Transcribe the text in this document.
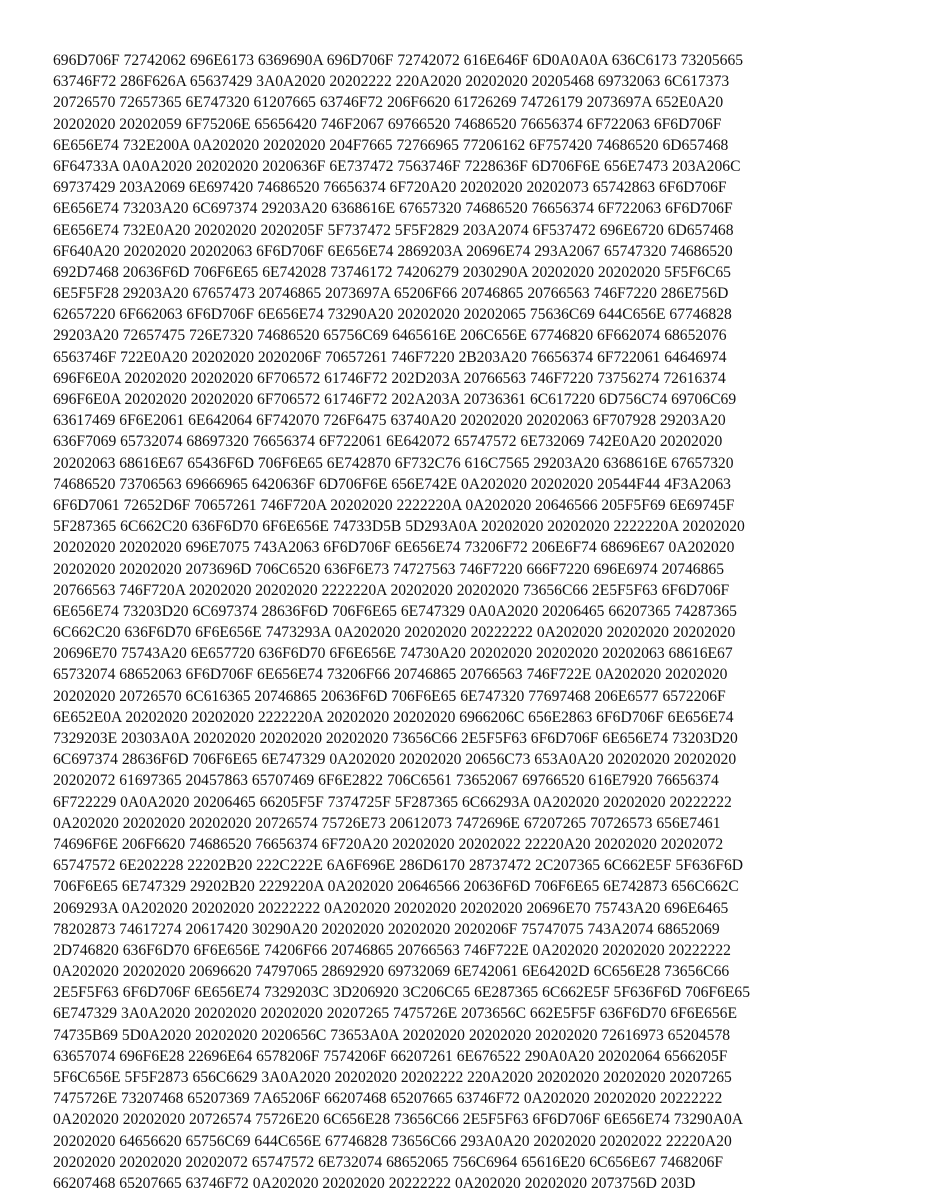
696D706F 72742062 696E6173 6369690A 696D706F 72742072 616E646F 6D0A0A0A 636C6173 73205665
63746F72 286F626A 65637429 3A0A2020 20202222 220A2020 20202020 20205468 69732063 6C617373
20726570 72657365 6E747320 61207665 63746F72 206F6620 61726269 74726179 2073697A 652E0A20
20202020 20202059 6F75206E 65656420 746F2067 69766520 74686520 76656374 6F722063 6F6D706F
6E656E74 732E200A 0A202020 20202020 204F7665 72766965 77206162 6F757420 74686520 6D657468
6F64733A 0A0A2020 20202020 2020636F 6E737472 7563746F 7228636F 6D706F6E 656E7473 203A206C
69737429 203A2069 6E697420 74686520 76656374 6F720A20 20202020 20202073 65742863 6F6D706F
6E656E74 73203A20 6C697374 29203A20 6368616E 67657320 74686520 76656374 6F722063 6F6D706F
6E656E74 732E0A20 20202020 2020205F 5F737472 5F5F2829 203A2074 6F537472 696E6720 6D657468
6F640A20 20202020 20202063 6F6D706F 6E656E74 2869203A 20696E74 293A2067 65747320 74686520
692D7468 20636F6D 706F6E65 6E742028 73746172 74206279 2030290A 20202020 20202020 5F5F6C65
6E5F5F28 29203A20 67657473 20746865 2073697A 65206F66 20746865 20766563 746F7220 286E756D
62657220 6F662063 6F6D706F 6E656E74 73290A20 20202020 20202065 75636C69 644C656E 67746828
29203A20 72657475 726E7320 74686520 65756C69 6465616E 206C656E 67746820 6F662074 68652076
6563746F 722E0A20 20202020 2020206F 70657261 746F7220 2B203A20 76656374 6F722061 64646974
696F6E0A 20202020 20202020 6F706572 61746F72 202D203A 20766563 746F7220 73756274 72616374
696F6E0A 20202020 20202020 6F706572 61746F72 202A203A 20736361 6C617220 6D756C74 69706C69
63617469 6F6E2061 6E642064 6F742070 726F6475 63740A20 20202020 20202063 6F707928 29203A20
636F7069 65732074 68697320 76656374 6F722061 6E642072 65747572 6E732069 742E0A20 20202020
20202063 68616E67 65436F6D 706F6E65 6E742870 6F732C76 616C7565 29203A20 6368616E 67657320
74686520 73706563 69666965 6420636F 6D706F6E 656E742E 0A202020 20202020 20544F44 4F3A2063
6F6D7061 72652D6F 70657261 746F720A 20202020 2222220A 0A202020 20646566 205F5F69 6E69745F
5F287365 6C662C20 636F6D70 6F6E656E 74733D5B 5D293A0A 20202020 20202020 2222220A 20202020
20202020 20202020 696E7075 743A2063 6F6D706F 6E656E74 73206F72 206E6F74 68696E67 0A202020
20202020 20202020 2073696D 706C6520 636F6E73 74727563 746F7220 666F7220 696E6974 20746865
20766563 746F720A 20202020 20202020 2222220A 20202020 20202020 73656C66 2E5F5F63 6F6D706F
6E656E74 73203D20 6C697374 28636F6D 706F6E65 6E747329 0A0A2020 20206465 66207365 74287365
6C662C20 636F6D70 6F6E656E 7473293A 0A202020 20202020 20222222 0A202020 20202020 20202020
20696E70 75743A20 6E657720 636F6D70 6F6E656E 74730A20 20202020 20202020 20202063 68616E67
65732074 68652063 6F6D706F 6E656E74 73206F66 20746865 20766563 746F722E 0A202020 20202020
20202020 20726570 6C616365 20746865 20636F6D 706F6E65 6E747320 77697468 206E6577 6572206F
6E652E0A 20202020 20202020 2222220A 20202020 20202020 6966206C 656E2863 6F6D706F 6E656E74
7329203E 20303A0A 20202020 20202020 20202020 73656C66 2E5F5F63 6F6D706F 6E656E74 73203D20
6C697374 28636F6D 706F6E65 6E747329 0A202020 20202020 20656C73 653A0A20 20202020 20202020
20202072 61697365 20457863 65707469 6F6E2822 706C6561 73652067 69766520 616E7920 76656374
6F722229 0A0A2020 20206465 66205F5F 7374725F 5F287365 6C66293A 0A202020 20202020 20222222
0A202020 20202020 20202020 20726574 75726E73 20612073 7472696E 67207265 70726573 656E7461
74696F6E 206F6620 74686520 76656374 6F720A20 20202020 20202022 22220A20 20202020 20202072
65747572 6E202228 22202B20 222C222E 6A6F696E 286D6170 28737472 2C207365 6C662E5F 5F636F6D
706F6E65 6E747329 29202B20 2229220A 0A202020 20646566 20636F6D 706F6E65 6E742873 656C662C
2069293A 0A202020 20202020 20222222 0A202020 20202020 20202020 20696E70 75743A20 696E6465
78202873 74617274 20617420 30290A20 20202020 20202020 2020206F 75747075 743A2074 68652069
2D746820 636F6D70 6F6E656E 74206F66 20746865 20766563 746F722E 0A202020 20202020 20222222
0A202020 20202020 20696620 74797065 28692920 69732069 6E742061 6E64202D 6C656E28 73656C66
2E5F5F63 6F6D706F 6E656E74 7329203C 3D206920 3C206C65 6E287365 6C662E5F 5F636F6D 706F6E65
6E747329 3A0A2020 20202020 20202020 20207265 7475726E 2073656C 662E5F5F 636F6D70 6F6E656E
74735B69 5D0A2020 20202020 2020656C 73653A0A 20202020 20202020 20202020 72616973 65204578
63657074 696F6E28 22696E64 6578206F 7574206F 66207261 6E676522 290A0A20 20202064 6566205F
5F6C656E 5F5F2873 656C6629 3A0A2020 20202020 20202222 220A2020 20202020 20202020 20207265
7475726E 73207468 65207369 7A65206F 66207468 65207665 63746F72 0A202020 20202020 20222222
0A202020 20202020 20726574 75726E20 6C656E28 73656C66 2E5F5F63 6F6D706F 6E656E74 73290A0A
20202020 64656620 65756C69 644C656E 67746828 73656C66 293A0A20 20202020 20202022 22220A20
20202020 20202020 20202072 65747572 6E732074 68652065 756C6964 65616E20 6C656E67 7468206F
66207468 65207665 63746F72 0A202020 20202020 20222222 0A202020 20202020 2073756D 203D
